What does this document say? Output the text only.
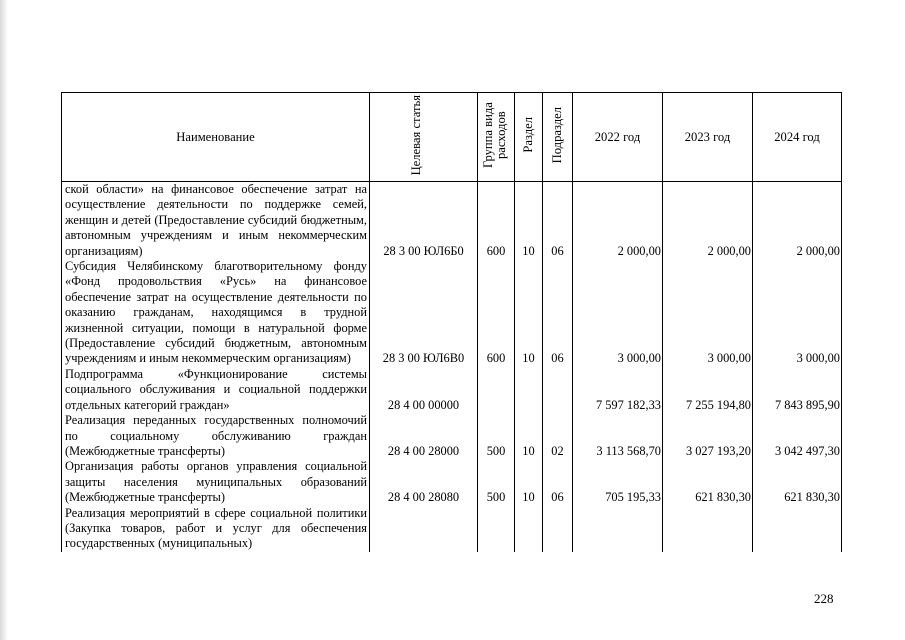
Наименование	Целевая статья	Группа вида расходов	Раздел	Подраздел	2022 год	2023 год	2024 год
ской области» на финансовое обеспечение затрат на осуществление деятельности по поддержке семей, женщин и детей (Предоставление субсидий бюджетным, автономным учреждениям и иным некоммерческим организациям)	28 3 00 ЮЛ6Б0	600	10	06	2 000,00	2 000,00	2 000,00
Субсидия Челябинскому благотворительному фонду «Фонд продовольствия «Русь» на финансовое обеспечение затрат на осуществление деятельности по оказанию гражданам, находящимся в трудной жизненной ситуации, помощи в натуральной форме (Предоставление субсидий бюджетным, автономным учреждениям и иным некоммерческим организациям)	28 3 00 ЮЛ6В0	600	10	06	3 000,00	3 000,00	3 000,00
Подпрограмма «Функционирование системы социального обслуживания и социальной поддержки отдельных категорий граждан»	28 4 00 00000				7 597 182,33	7 255 194,80	7 843 895,90
Реализация переданных государственных полномочий по социальному обслуживанию граждан (Межбюджетные трансферты)	28 4 00 28000	500	10	02	3 113 568,70	3 027 193,20	3 042 497,30
Организация работы органов управления социальной защиты населения муниципальных образований (Межбюджетные трансферты)	28 4 00 28080	500	10	06	705 195,33	621 830,30	621 830,30
Реализация мероприятий в сфере социальной политики (Закупка товаров, работ и услуг для обеспечения государственных (муниципальных)							
228
